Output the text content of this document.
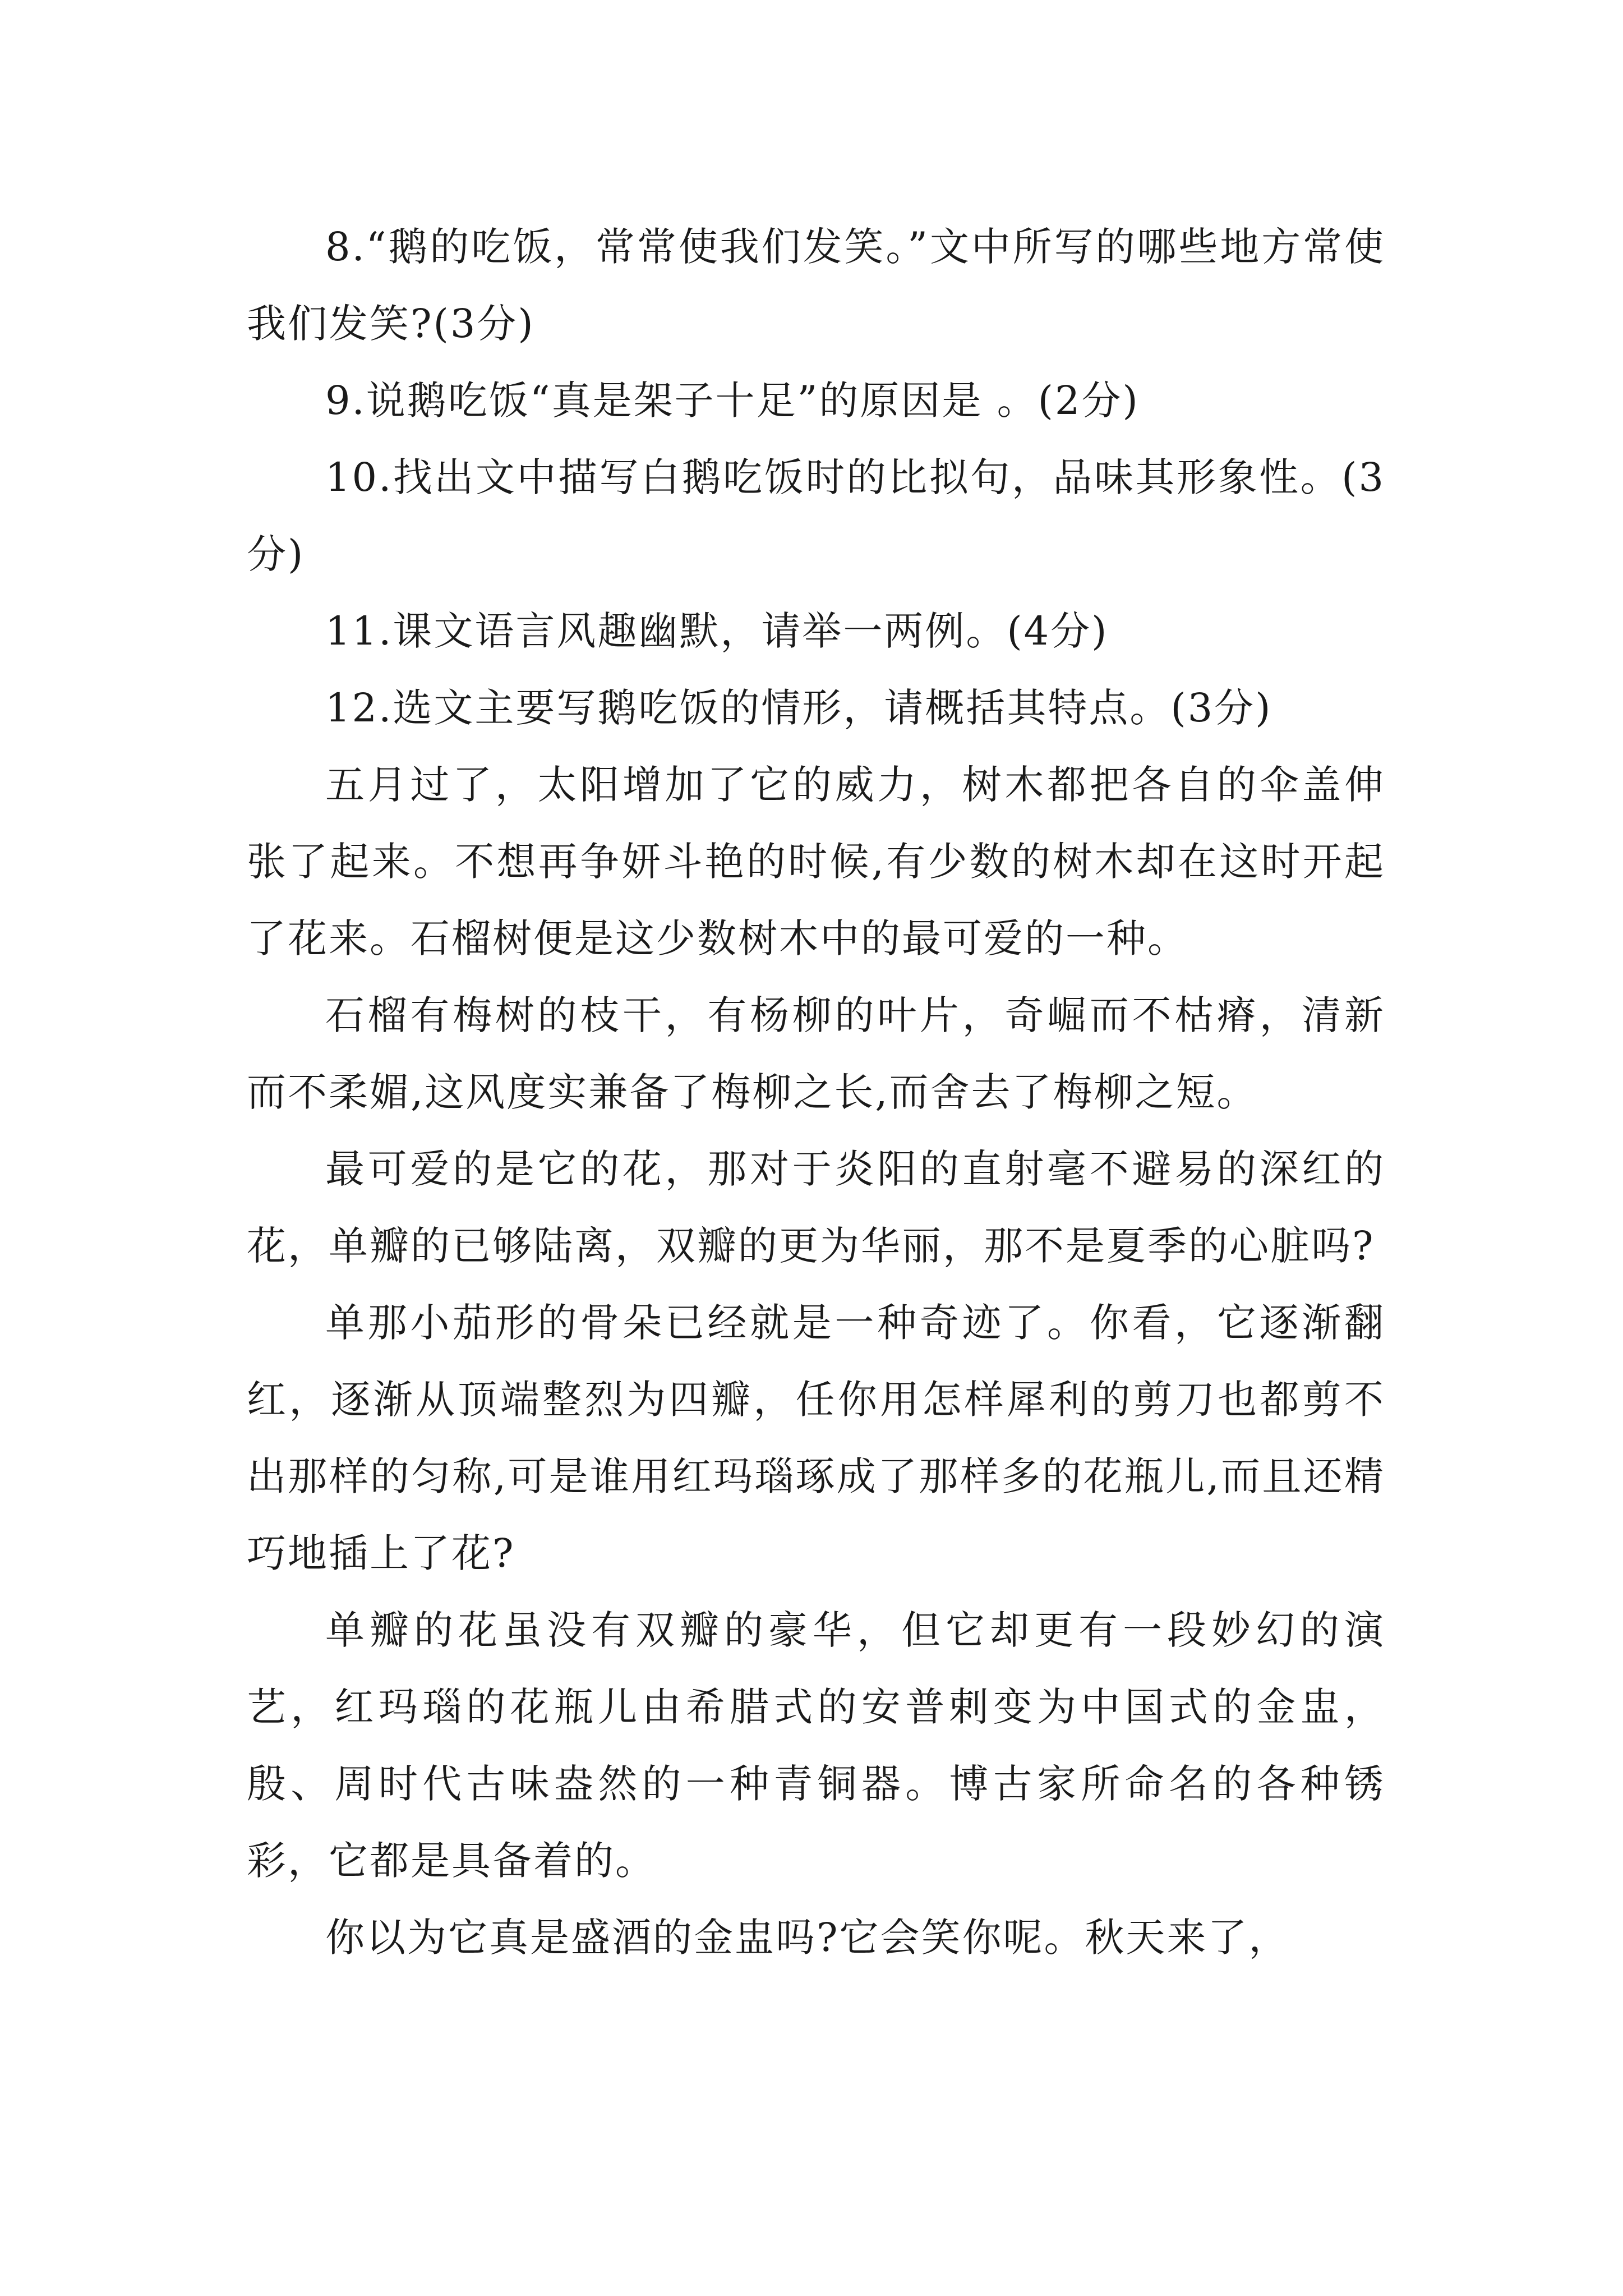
8.“鹅的吃饭，常常使我们发笑。”文中所写的哪些地方常使我们发笑?(3分)

9.说鹅吃饭“真是架子十足”的原因是 。(2分)

10.找出文中描写白鹅吃饭时的比拟句，品味其形象性。(3分)

11.课文语言风趣幽默，请举一两例。(4分)

12.选文主要写鹅吃饭的情形，请概括其特点。(3分)

五月过了，太阳增加了它的威力，树木都把各自的伞盖伸张了起来。不想再争妍斗艳的时候,有少数的树木却在这时开起了花来。石榴树便是这少数树木中的最可爱的一种。

石榴有梅树的枝干，有杨柳的叶片，奇崛而不枯瘠，清新而不柔媚,这风度实兼备了梅柳之长,而舍去了梅柳之短。

最可爱的是它的花，那对于炎阳的直射毫不避易的深红的花，单瓣的已够陆离，双瓣的更为华丽，那不是夏季的心脏吗?

单那小茄形的骨朵已经就是一种奇迹了。你看，它逐渐翻红，逐渐从顶端整烈为四瓣，任你用怎样犀利的剪刀也都剪不出那样的匀称,可是谁用红玛瑙琢成了那样多的花瓶儿,而且还精巧地插上了花?

单瓣的花虽没有双瓣的豪华，但它却更有一段妙幻的演艺，红玛瑙的花瓶儿由希腊式的安普剌变为中国式的金盅，殷、周时代古味盎然的一种青铜器。博古家所命名的各种锈彩，它都是具备着的。

你以为它真是盛酒的金盅吗?它会笑你呢。秋天来了，
